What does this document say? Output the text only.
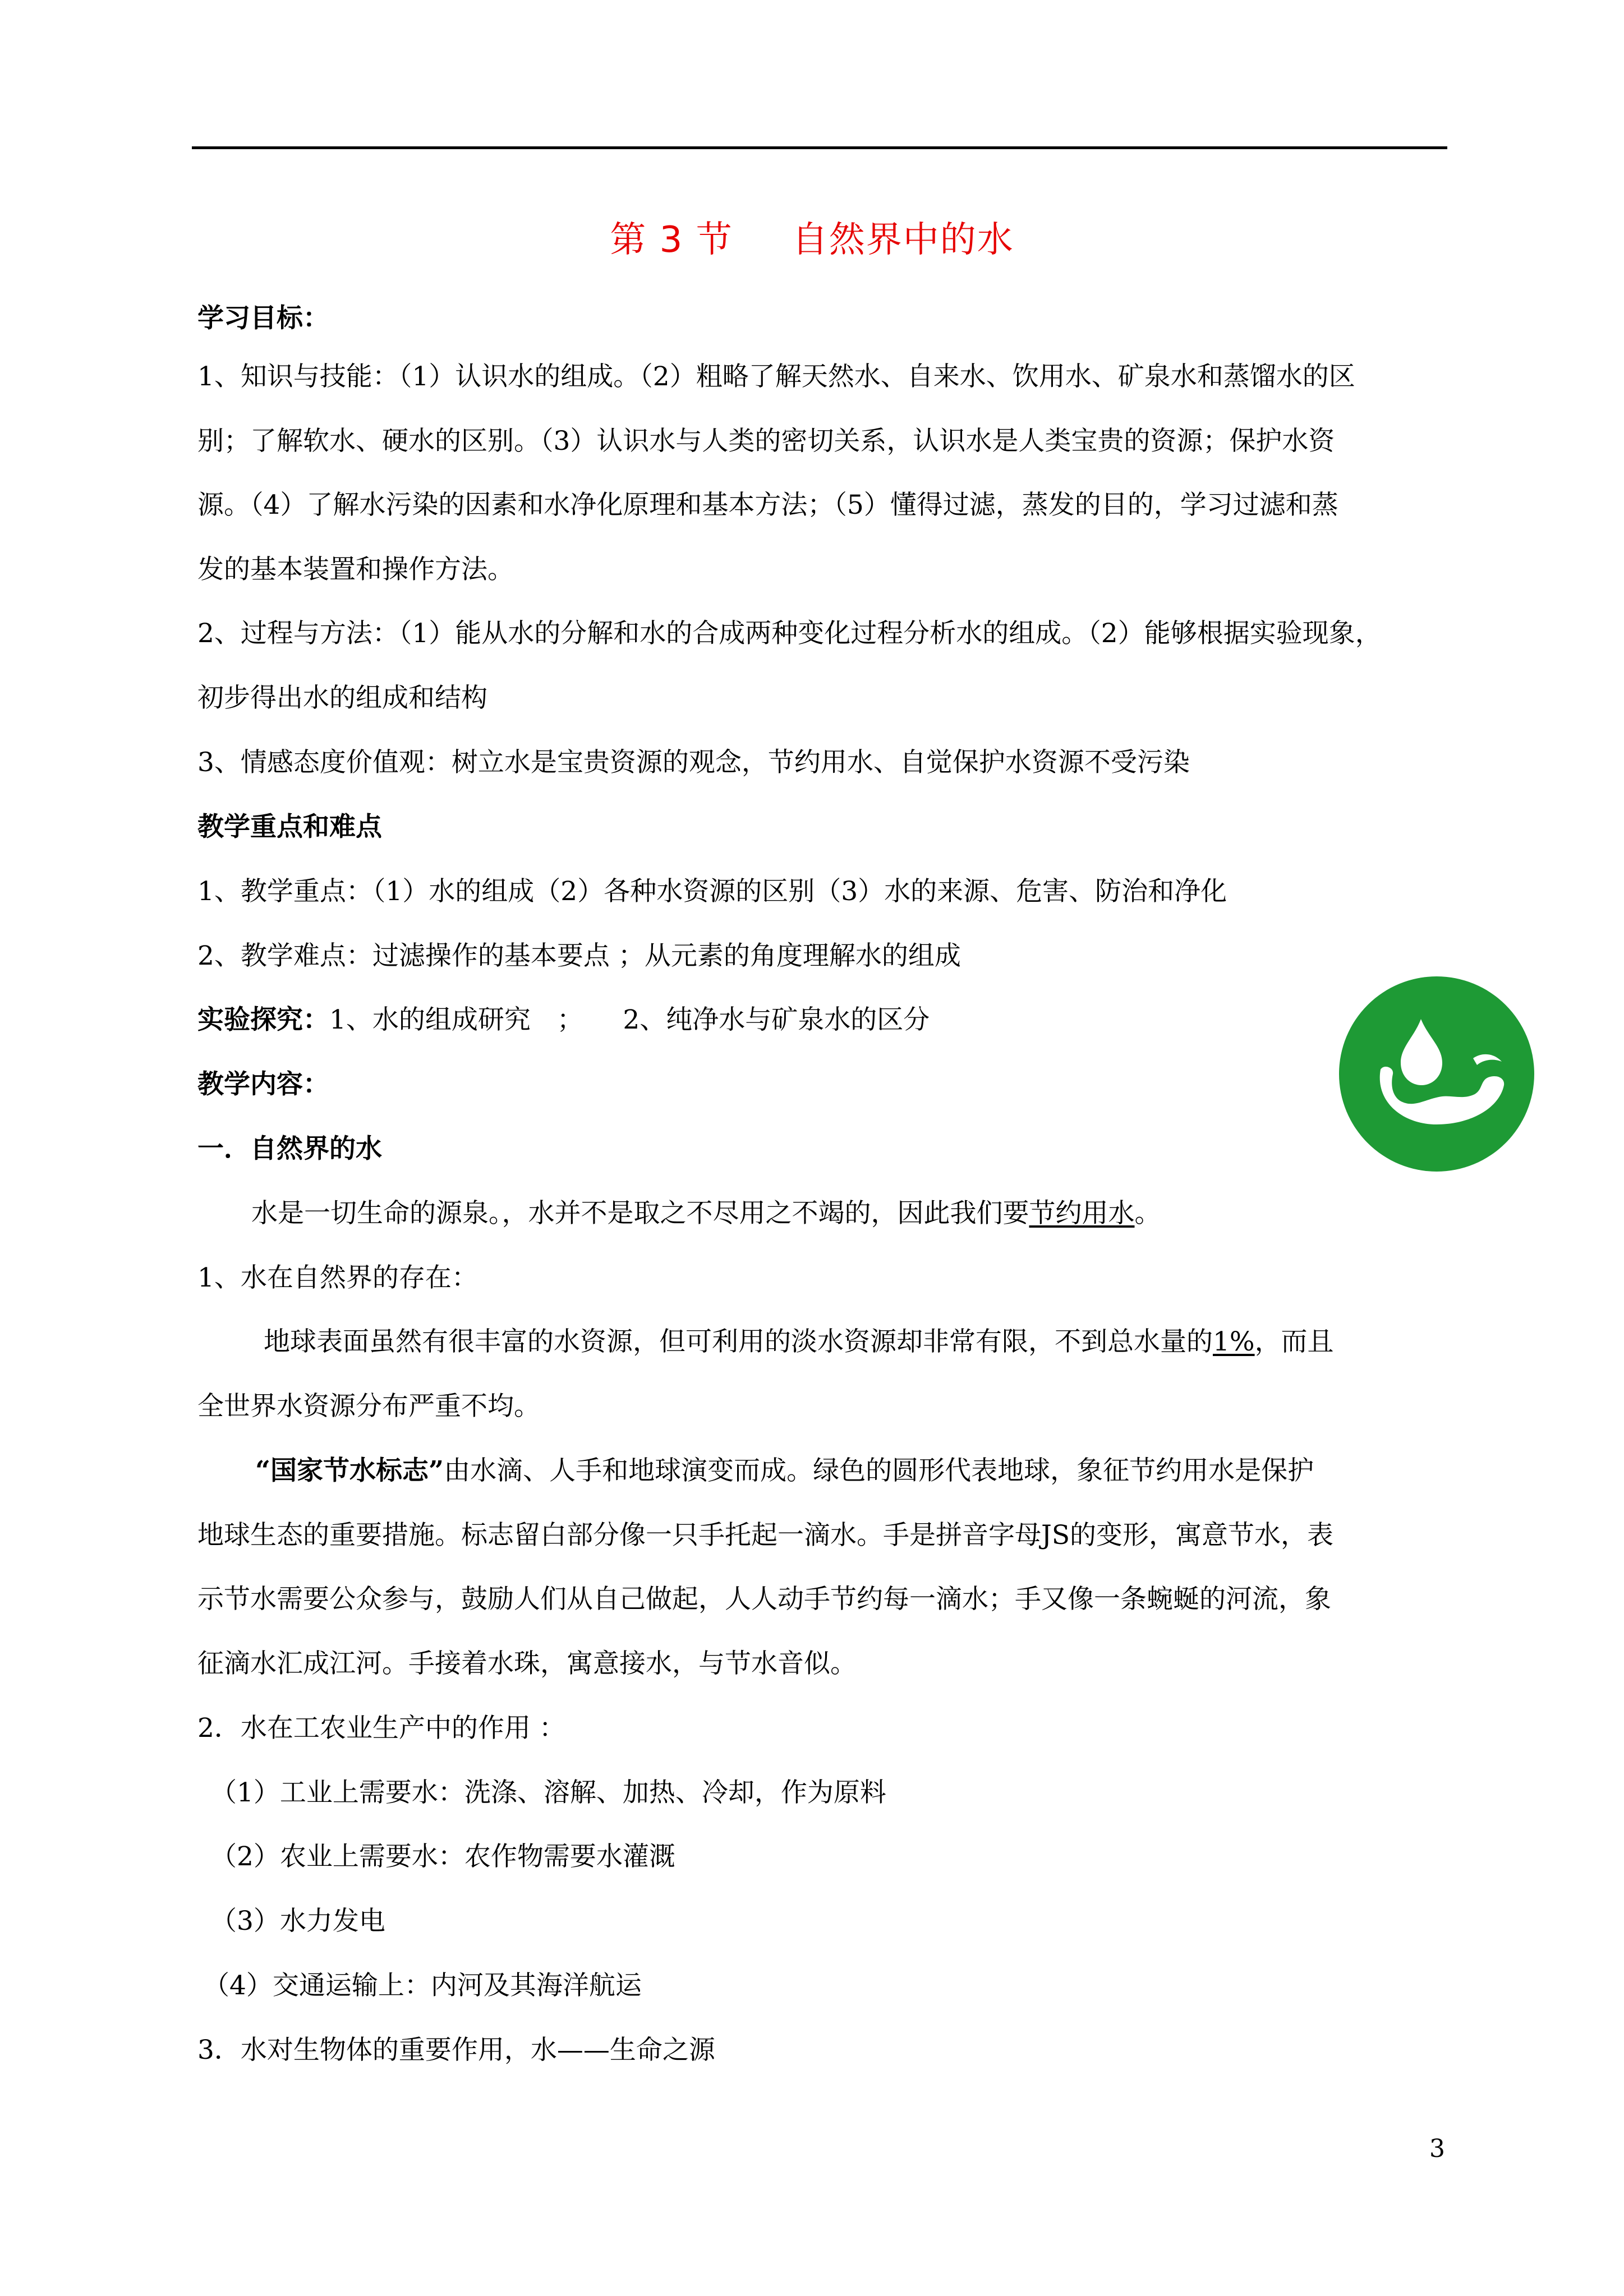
第 3 节 自然界中的水
学习目标：
1、知识与技能：（1）认识水的组成。（2）粗略了解天然水、自来水、饮用水、矿泉水和蒸馏水的区
别；了解软水、硬水的区别。（3）认识水与人类的密切关系，认识水是人类宝贵的资源；保护水资
源。（4）了解水污染的因素和水净化原理和基本方法；（5）懂得过滤，蒸发的目的，学习过滤和蒸
发的基本装置和操作方法。
2、过程与方法：（1）能从水的分解和水的合成两种变化过程分析水的组成。（2）能够根据实验现象，
初步得出水的组成和结构
3、情感态度价值观：树立水是宝贵资源的观念，节约用水、自觉保护水资源不受污染
教学重点和难点
1、教学重点：（1）水的组成（2）各种水资源的区别（3）水的来源、危害、防治和净化
2、教学难点：过滤操作的基本要点 ；从元素的角度理解水的组成
实验探究：1、水的组成研究　；　　2、纯净水与矿泉水的区分
教学内容：
一．自然界的水
水是一切生命的源泉。，水并不是取之不尽用之不竭的，因此我们要节约用水。
1、水在自然界的存在：
地球表面虽然有很丰富的水资源，但可利用的淡水资源却非常有限，不到总水量的1%，而且
全世界水资源分布严重不均。
“国家节水标志”由水滴、人手和地球演变而成。绿色的圆形代表地球，象征节约用水是保护
地球生态的重要措施。标志留白部分像一只手托起一滴水。手是拼音字母JS的变形，寓意节水，表
示节水需要公众参与，鼓励人们从自己做起，人人动手节约每一滴水；手又像一条蜿蜒的河流，象
征滴水汇成江河。手接着水珠，寓意接水，与节水音似。
2．水在工农业生产中的作用 ：
（1）工业上需要水：洗涤、溶解、加热、冷却，作为原料
（2）农业上需要水：农作物需要水灌溉
（3）水力发电
（4）交通运输上：内河及其海洋航运
3．水对生物体的重要作用，水——生命之源
3
